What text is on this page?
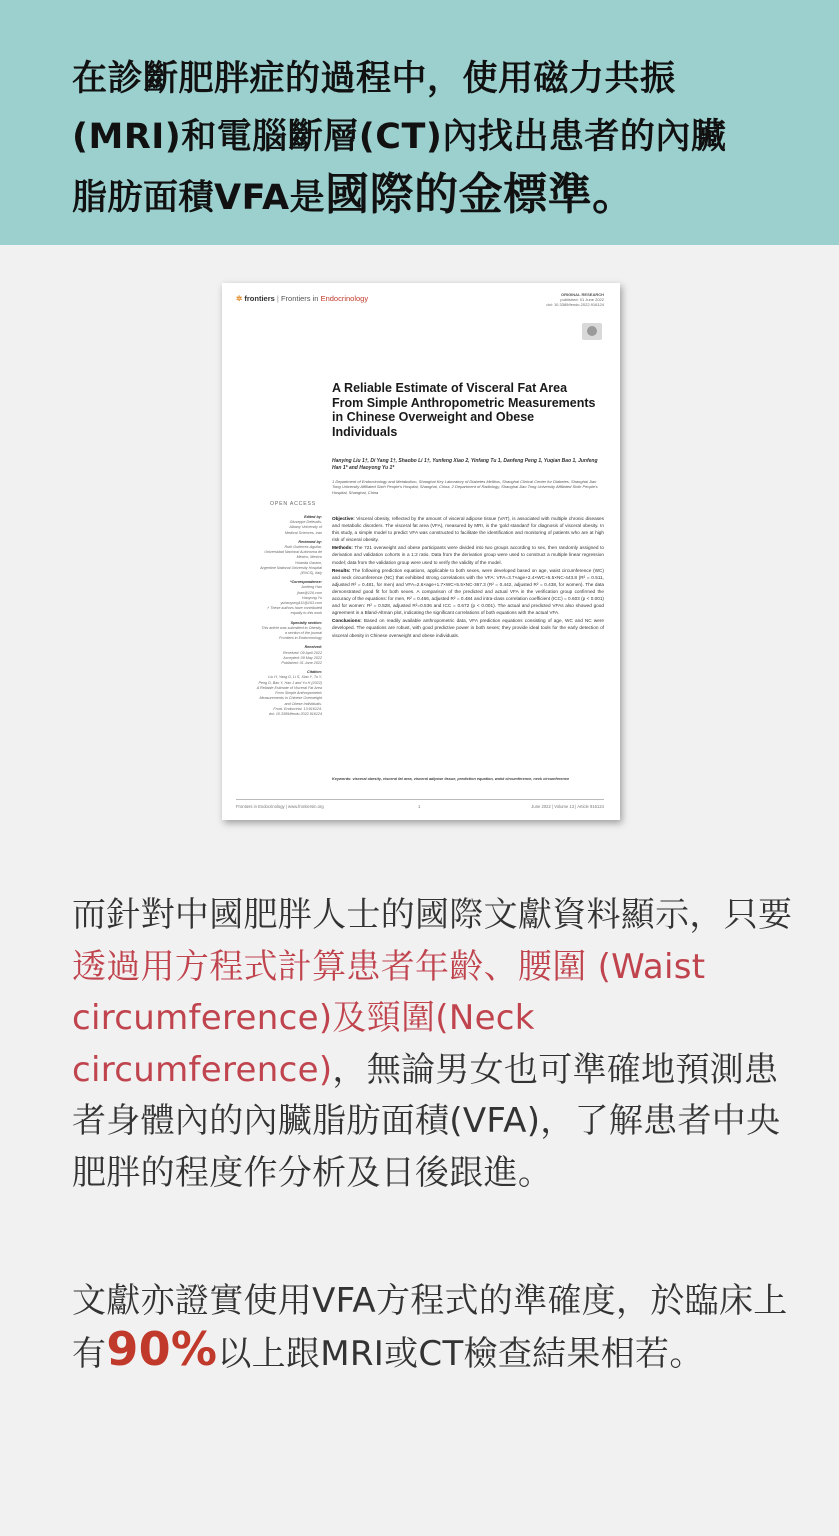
在診斷肥胖症的過程中，使用磁力共振
(MRI)和電腦斷層(CT)內找出患者的內臟
脂肪面積VFA是國際的金標準。

✲ frontiers | Frontiers in Endocrinology	ORIGINAL RESEARCH
published: 01 June 2022
doi: 10.3389/fendo.2022.916124
A Reliable Estimate of Visceral Fat Area From Simple Anthropometric Measurements in Chinese Overweight and Obese Individuals
Hanying Liu 1†, Di Yang 1†, Shaobo Li 1†, Yunfeng Xiao 2, Yinfang Tu 1, Danfeng Peng 1, Yuqian Bao 1, Junfeng Han 1* and Haoyong Yu 1*
1 Department of Endocrinology and Metabolism, Shanghai Key Laboratory of Diabetes Mellitus, Shanghai Clinical Center for Diabetes, Shanghai Jiao Tong University Affiliated Sixth People's Hospital, Shanghai, China, 2 Department of Radiology, Shanghai Jiao Tong University Affiliated Sixth People's Hospital, Shanghai, China
OPEN ACCESS
Edited by:
Giuseppe Defeudis,
Albany University of
Medical Sciences, Iran
Reviewed by:
Ruth Gutierrez-Aguilar,
Universidad Nacional Autónoma de
México, Mexico
Yolanda Gaston,
Argentine National University Hospital
(ENCS), Italy
*Correspondence:
Junfeng Han
jhan@126.com
Haoyong Yu
yuhaoyong111@163.com
† These authors have contributed
equally to this work
Specialty section:
This article was submitted to Obesity,
a section of the journal
Frontiers in Endocrinology
Received:
Received: 09 April 2022
Accepted: 09 May 2022
Published: 01 June 2022
Citation:
Liu H, Yang D, Li S, Xiao Y, Tu Y,
Peng D, Bao Y, Han J and Yu H (2022)
A Reliable Estimate of Visceral Fat Area
From Simple Anthropometric
Measurements in Chinese Overweight
and Obese Individuals.
Front. Endocrinol. 13:916124.
doi: 10.3389/fendo.2022.916124

Objective: Visceral obesity, reflected by the amount of visceral adipose tissue (VAT), is associated with multiple chronic diseases and metabolic disorders. The visceral fat area (VFA), measured by MRI, is the 'gold standard' for diagnosis of visceral obesity. In this study, a simple model to predict VFA was constructed to facilitate the identification and monitoring of patients who are at high risk of visceral obesity.

Methods: The 721 overweight and obese participants were divided into two groups according to sex, then randomly assigned to derivation and validation cohorts in a 1:2 ratio. Data from the derivation group were used to construct a multiple linear regression model; data from the validation group were used to verify the validity of the model.

Results: The following prediction equations, applicable to both sexes, were developed based on age, waist circumference (WC) and neck circumference (NC) that exhibited strong correlations with the VFA: VFA=3.7×age+2.4×WC+5.5×NC-443.8 (R² = 0.511, adjusted R² = 0.481, for men) and VFA=2.6×age+1.7×WC+5.5×NC-367.3 (R² = 0.442, adjusted R² = 0.438, for women). The data demonstrated good fit for both sexes. A comparison of the predicted and actual VFA in the verification group confirmed the accuracy of the equations: for men, R² = 0.466, adjusted R² = 0.484 and intra-class correlation coefficient (ICC) = 0.603 (p < 0.001) and for women: R² = 0.528, adjusted R²=0.536 and ICC = 0.672 (p < 0.001). The actual and predicted VFAs also showed good agreement in a Bland-Altman plot, indicating the significant correlations of both equations with the actual VFA.

Conclusions: Based on readily available anthropometric data, VFA prediction equations consisting of age, WC and NC were developed. The equations are robust, with good predictive power in both sexes; they provide ideal tools for the early detection of visceral obesity in Chinese overweight and obese individuals.

Keywords: visceral obesity, visceral fat area, visceral adipose tissue, prediction equation, waist circumference, neck circumference
Frontiers in Endocrinology | www.frontiersin.org	1	June 2022 | Volume 13 | Article 916124

而針對中國肥胖人士的國際文獻資料顯示，只要透過用方程式計算患者年齡、腰圍 (Waist circumference)及頸圍(Neck circumference)，無論男女也可準確地預測患者身體內的內臟脂肪面積(VFA)，了解患者中央肥胖的程度作分析及日後跟進。

文獻亦證實使用VFA方程式的準確度，於臨床上有90%以上跟MRI或CT檢查結果相若。
